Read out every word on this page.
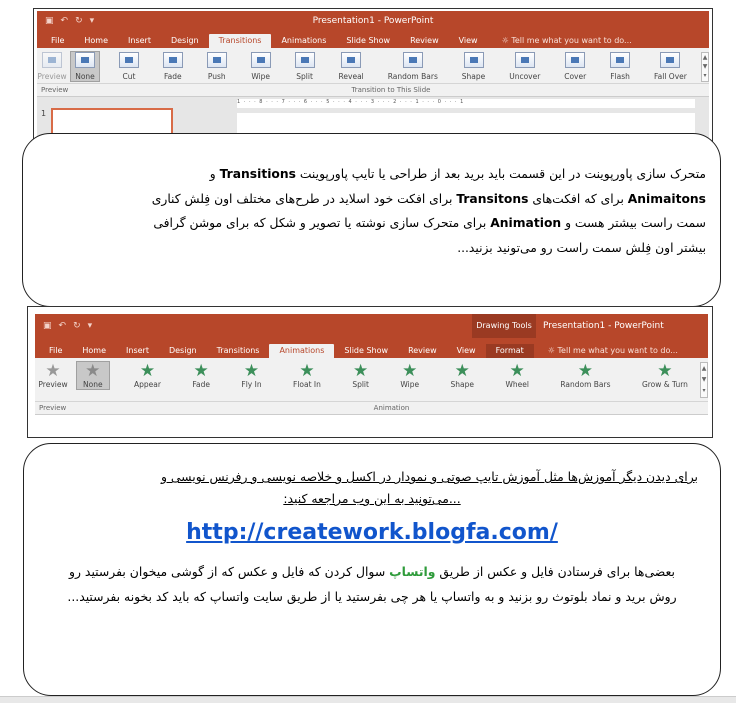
▣ ↶ ↻ ▾	Presentation1 - PowerPoint
File	Home	Insert	Design	Transitions	Animations	Slide Show	Review	View	☼ Tell me what you want to do...
Preview None	Cut	Fade	Push	Wipe	Split	Reveal	Random Bars	Shape	Uncover	Cover	Flash	Fall Over
▲
▼
▾
Preview	Transition to This Slide
1 · · · 8 · · · 7 · · · 6 · · · 5 · · · 4 · · · 3 · · · 2 · · · 1 · · · 0 · · · 1
1
متحرک سازی پاورپوینت در این قسمت باید برید بعد از طراحی یا تایپ پاورپوینت Transitions و
Animaitons برای که افکت‌های Transitons برای افکت خود اسلاید در طرح‌های مختلف اون فِلش کناری
سمت راست بیشتر هست و Animation برای متحرک سازی نوشته یا تصویر و شکل که برای موشن گرافی
بیشتر اون فِلش سمت راست رو می‌تونید بزنید...
▣ ↶ ↻ ▾	Drawing Tools	Presentation1 - PowerPoint
File	Home	Insert	Design	Transitions	Animations	Slide Show	Review	View	Format	☼ Tell me what you want to do...
★
Preview
★
None
★
Appear
★
Fade
★
Fly In
★
Float In
★
Split
★
Wipe
★
Shape
★
Wheel
★
Random Bars
★
Grow & Turn
▲
▼
▾
Preview	Animation
برای دیدن دیگر آموزش‌ها مثل آموزش تایپ صوتی و نمودار در اکسل و خلاصه نویسی و رفرنس نویسی و
...می‌تونید به این وب مراجعه کنید:
http://creatework.blogfa.com/
بعضی‌ها برای فرستادن فایل و عکس از طریق واتساپ سوال کردن که فایل و عکس که از گوشی میخوان بفرستید رو روش برید و نماد بلوتوث رو بزنید و به واتساپ یا هر چی بفرستید یا از طریق سایت واتساپ که باید کد بخونه بفرستید...
